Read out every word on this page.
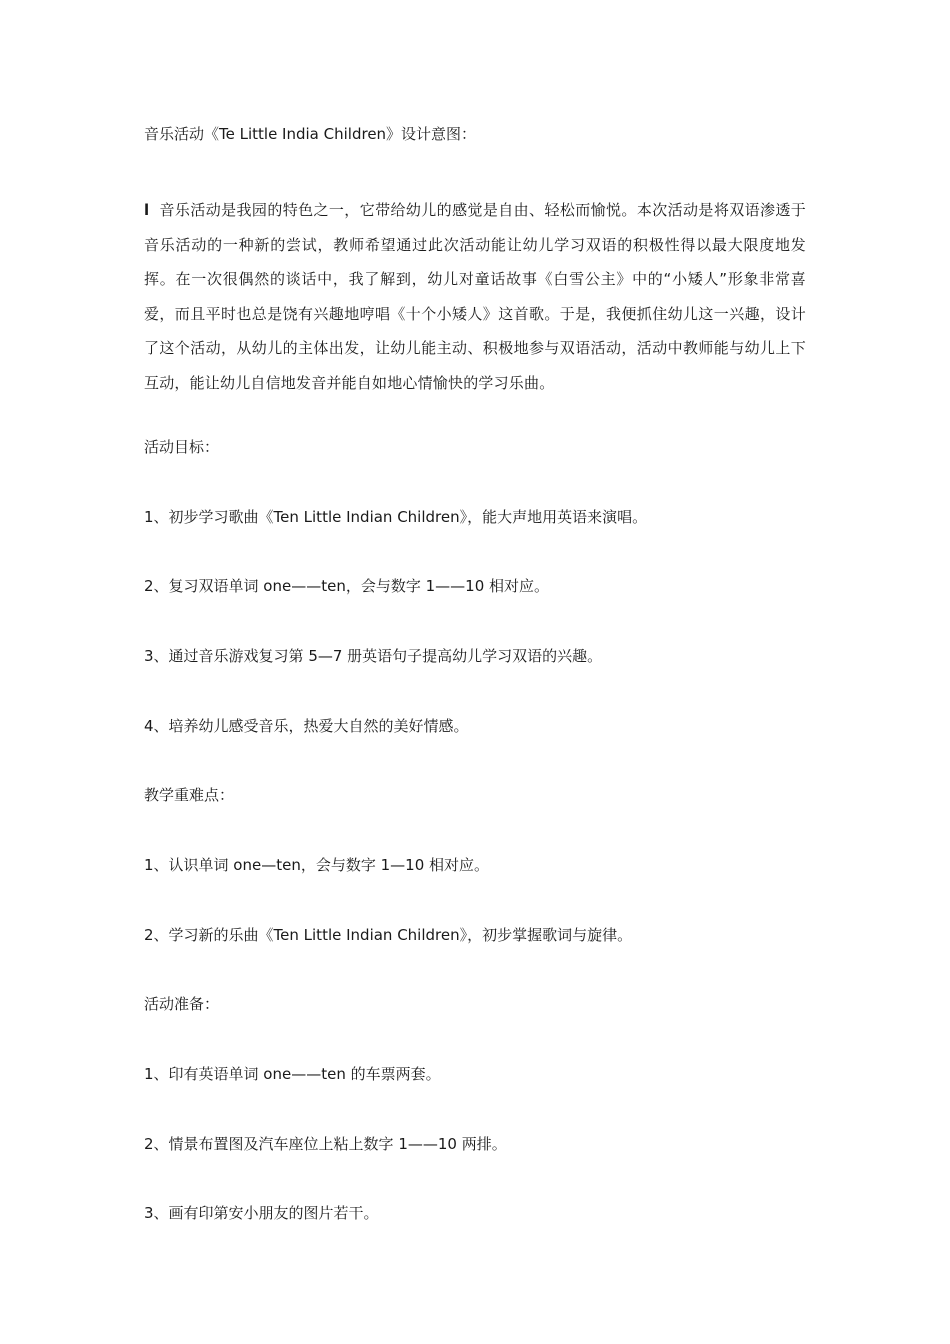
音乐活动《Te Little India Children》设计意图：
l 音乐活动是我园的特色之一，它带给幼儿的感觉是自由、轻松而愉悦。本次活动是将双语渗透于音乐活动的一种新的尝试，教师希望通过此次活动能让幼儿学习双语的积极性得以最大限度地发挥。在一次很偶然的谈话中，我了解到，幼儿对童话故事《白雪公主》中的“小矮人”形象非常喜爱，而且平时也总是饶有兴趣地哼唱《十个小矮人》这首歌。于是，我便抓住幼儿这一兴趣，设计了这个活动，从幼儿的主体出发，让幼儿能主动、积极地参与双语活动，活动中教师能与幼儿上下互动，能让幼儿自信地发音并能自如地心情愉快的学习乐曲。
活动目标：
1、初步学习歌曲《Ten Little Indian Children》，能大声地用英语来演唱。
2、复习双语单词 one——ten，会与数字 1——10 相对应。
3、通过音乐游戏复习第 5—7 册英语句子提高幼儿学习双语的兴趣。
4、培养幼儿感受音乐，热爱大自然的美好情感。
教学重难点：
1、认识单词 one—ten，会与数字 1—10 相对应。
2、学习新的乐曲《Ten Little Indian Children》，初步掌握歌词与旋律。
活动准备：
1、印有英语单词 one——ten 的车票两套。
2、情景布置图及汽车座位上粘上数字 1——10 两排。
3、画有印第安小朋友的图片若干。
